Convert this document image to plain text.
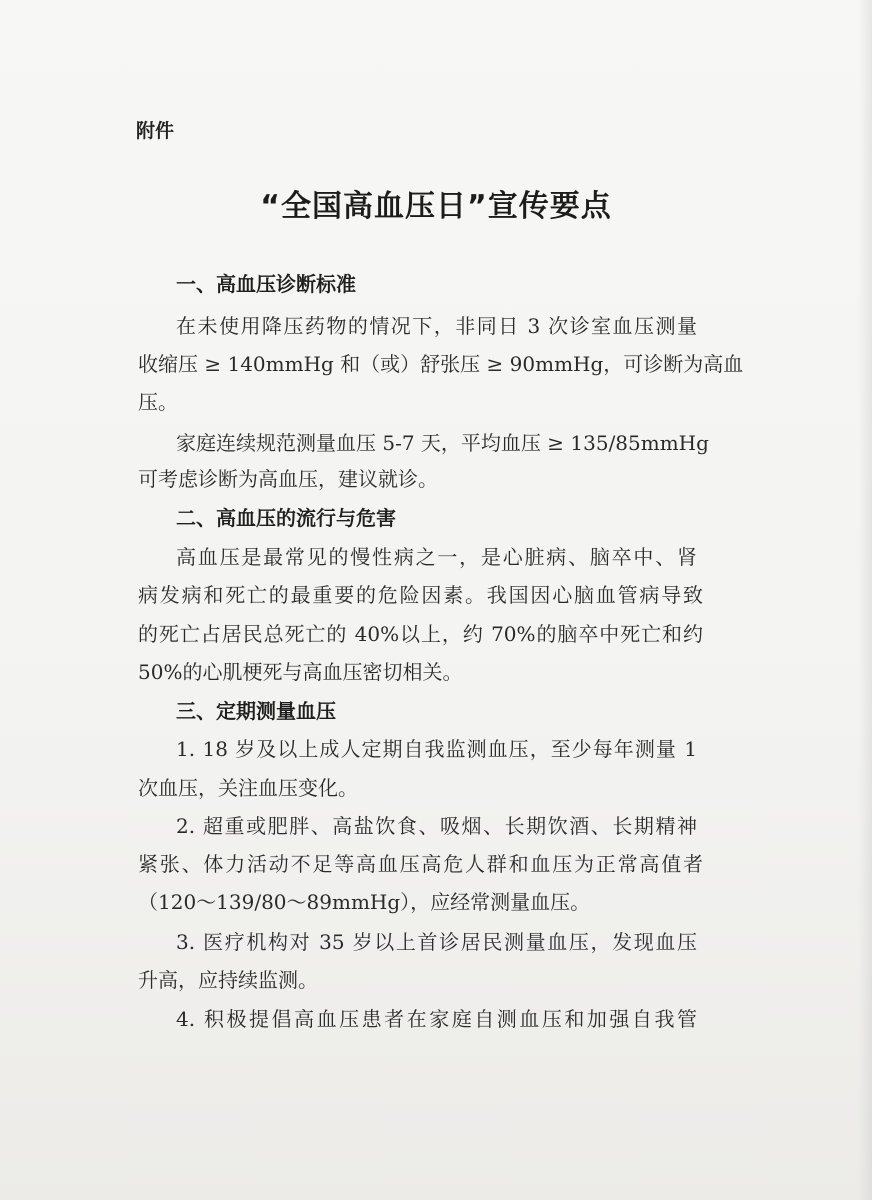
附件
“全国高血压日”宣传要点
一、高血压诊断标准
在未使用降压药物的情况下，非同日 3 次诊室血压测量
收缩压 ≥ 140mmHg 和（或）舒张压 ≥ 90mmHg，可诊断为高血
压。
家庭连续规范测量血压 5-7 天，平均血压 ≥ 135/85mmHg
可考虑诊断为高血压，建议就诊。
二、高血压的流行与危害
高血压是最常见的慢性病之一，是心脏病、脑卒中、肾
病发病和死亡的最重要的危险因素。我国因心脑血管病导致
的死亡占居民总死亡的 40%以上，约 70%的脑卒中死亡和约
50%的心肌梗死与高血压密切相关。
三、定期测量血压
1. 18 岁及以上成人定期自我监测血压，至少每年测量 1
次血压，关注血压变化。
2. 超重或肥胖、高盐饮食、吸烟、长期饮酒、长期精神
紧张、体力活动不足等高血压高危人群和血压为正常高值者
（120～139/80～89mmHg），应经常测量血压。
3. 医疗机构对 35 岁以上首诊居民测量血压，发现血压
升高，应持续监测。
4. 积极提倡高血压患者在家庭自测血压和加强自我管
